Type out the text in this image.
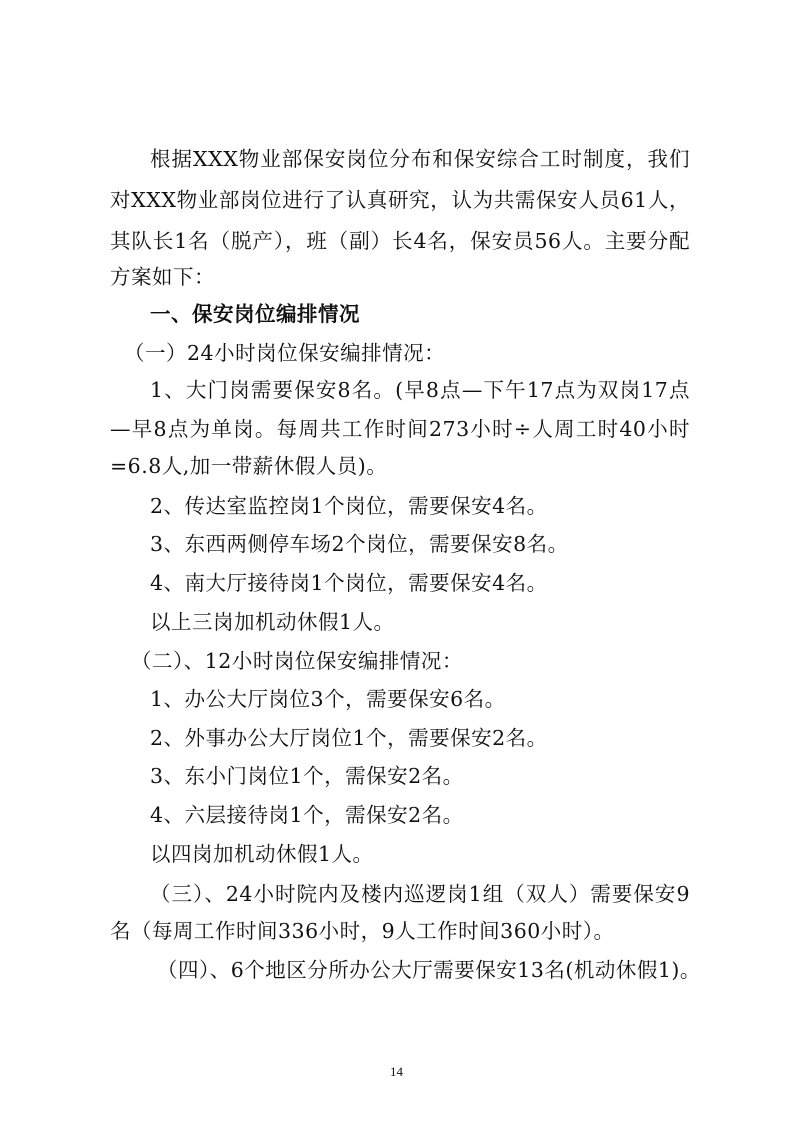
根据XXX物业部保安岗位分布和保安综合工时制度，我们
对XXX物业部岗位进行了认真研究，认为共需保安人员61人，
其队长1名（脱产），班（副）长4名，保安员56人。主要分配
方案如下：
一、保安岗位编排情况
（一）24小时岗位保安编排情况：
1、大门岗需要保安8名。(早8点—下午17点为双岗17点
—早8点为单岗。每周共工作时间273小时÷人周工时40小时
=6.8人,加一带薪休假人员)。
2、传达室监控岗1个岗位，需要保安4名。
3、东西两侧停车场2个岗位，需要保安8名。
4、南大厅接待岗1个岗位，需要保安4名。
以上三岗加机动休假1人。
（二）、12小时岗位保安编排情况：
1、办公大厅岗位3个，需要保安6名。
2、外事办公大厅岗位1个，需要保安2名。
3、东小门岗位1个，需保安2名。
4、六层接待岗1个，需保安2名。
以四岗加机动休假1人。
（三）、24小时院内及楼内巡逻岗1组（双人）需要保安9
名（每周工作时间336小时，9人工作时间360小时）。
（四）、6个地区分所办公大厅需要保安13名(机动休假1)。
14
